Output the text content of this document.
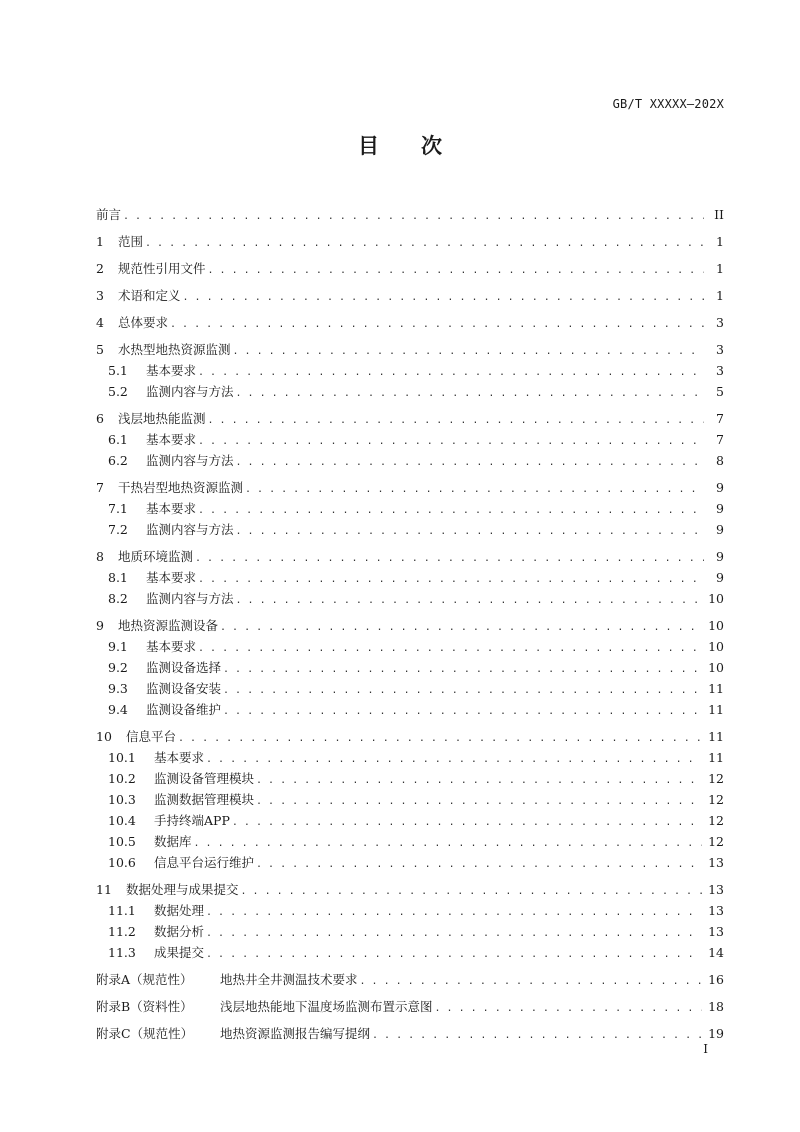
GB/T XXXXX—202X
目　　次
前言 . . .	II
1	范围 . . .	1
2	规范性引用文件 . . .	1
3	术语和定义 . . .	1
4	总体要求 . . .	3
5	水热型地热资源监测 . . .	3
5.1	基本要求 . . .	3
5.2	监测内容与方法 . . .	5
6	浅层地热能监测 . . .	7
6.1	基本要求 . . .	7
6.2	监测内容与方法 . . .	8
7	干热岩型地热资源监测 . . .	9
7.1	基本要求 . . .	9
7.2	监测内容与方法 . . .	9
8	地质环境监测 . . .	9
8.1	基本要求 . . .	9
8.2	监测内容与方法 . . .	10
9	地热资源监测设备 . . .	10
9.1	基本要求 . . .	10
9.2	监测设备选择 . . .	10
9.3	监测设备安装 . . .	11
9.4	监测设备维护 . . .	11
10	信息平台 . . .	11
10.1	基本要求 . . .	11
10.2	监测设备管理模块 . . .	12
10.3	监测数据管理模块 . . .	12
10.4	手持终端APP . . .	12
10.5	数据库 . . .	12
10.6	信息平台运行维护 . . .	13
11	数据处理与成果提交 . . .	13
11.1	数据处理 . . .	13
11.2	数据分析 . . .	13
11.3	成果提交 . . .	14
附录A（规范性）	地热井全井测温技术要求 . . .	16
附录B（资料性）	浅层地热能地下温度场监测布置示意图 . . .	18
附录C（规范性）	地热资源监测报告编写提纲 . . .	19
I
